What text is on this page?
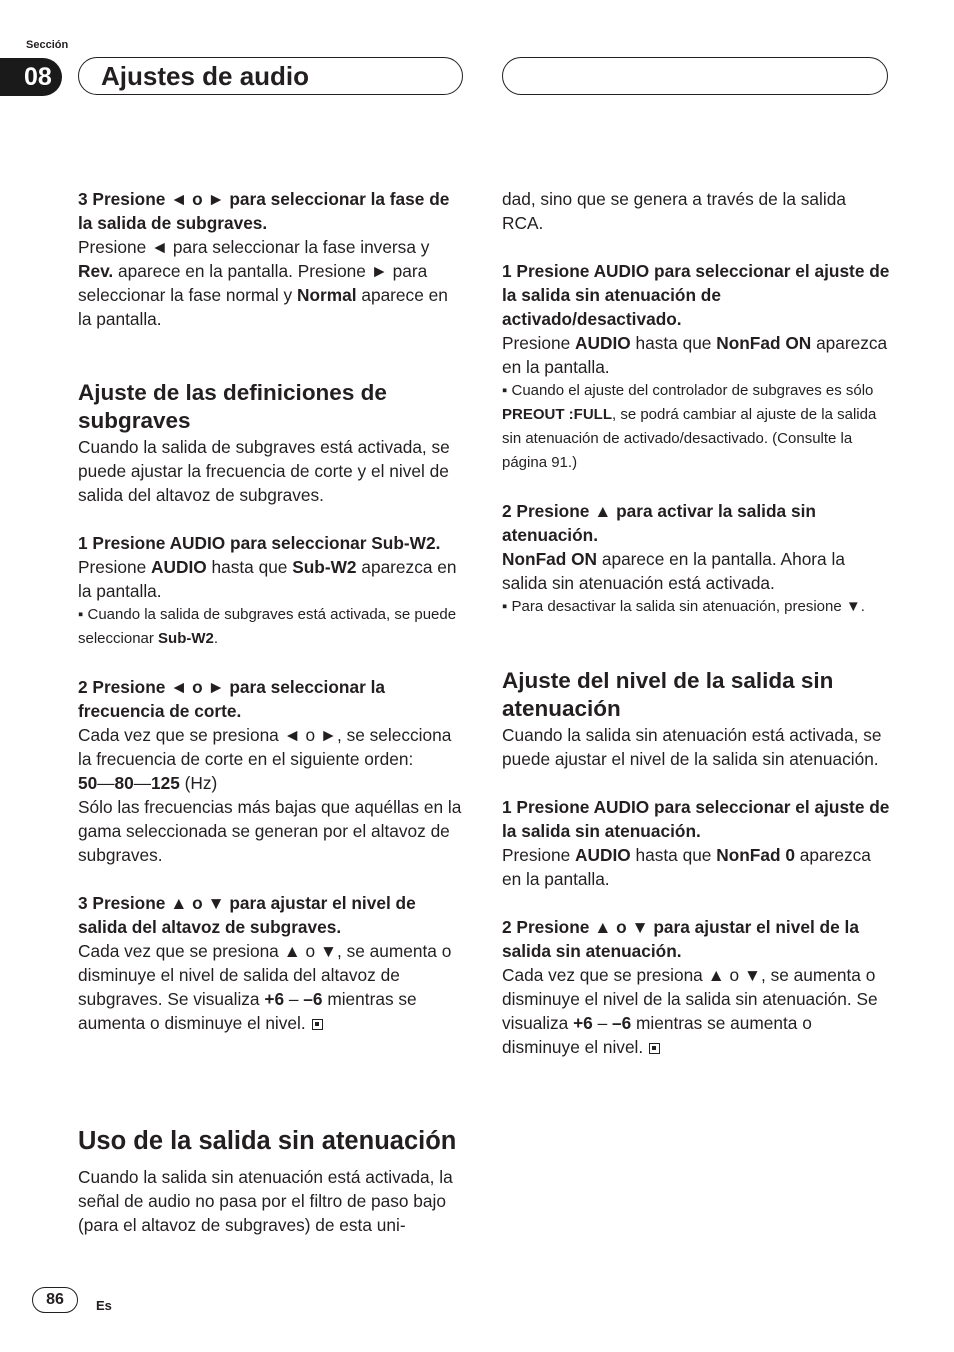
Sección
08	Ajustes de audio

3 Presione ◄ o ► para seleccionar la fase de la salida de subgraves.

Presione ◄ para seleccionar la fase inversa y Rev. aparece en la pantalla. Presione ► para seleccionar la fase normal y Normal aparece en la pantalla.

Ajuste de las definiciones de subgraves

Cuando la salida de subgraves está activada, se puede ajustar la frecuencia de corte y el nivel de salida del altavoz de subgraves.

1 Presione AUDIO para seleccionar Sub-W2.

Presione AUDIO hasta que Sub-W2 aparezca en la pantalla.

▪ Cuando la salida de subgraves está activada, se puede seleccionar Sub-W2.

2 Presione ◄ o ► para seleccionar la frecuencia de corte.

Cada vez que se presiona ◄ o ►, se selecciona la frecuencia de corte en el siguiente orden:

50—80—125 (Hz)

Sólo las frecuencias más bajas que aquéllas en la gama seleccionada se generan por el altavoz de subgraves.

3 Presione ▲ o ▼ para ajustar el nivel de salida del altavoz de subgraves.

Cada vez que se presiona ▲ o ▼, se aumenta o disminuye el nivel de salida del altavoz de subgraves. Se visualiza +6 – –6 mientras se aumenta o disminuye el nivel.

Uso de la salida sin atenuación

Cuando la salida sin atenuación está activada, la señal de audio no pasa por el filtro de paso bajo (para el altavoz de subgraves) de esta uni-

dad, sino que se genera a través de la salida RCA.

1 Presione AUDIO para seleccionar el ajuste de la salida sin atenuación de activado/desactivado.

Presione AUDIO hasta que NonFad ON aparezca en la pantalla.

▪ Cuando el ajuste del controlador de subgraves es sólo PREOUT :FULL, se podrá cambiar al ajuste de la salida sin atenuación de activado/desactivado. (Consulte la página 91.)

2 Presione ▲ para activar la salida sin atenuación.

NonFad ON aparece en la pantalla. Ahora la salida sin atenuación está activada.

▪ Para desactivar la salida sin atenuación, presione ▼.

Ajuste del nivel de la salida sin atenuación

Cuando la salida sin atenuación está activada, se puede ajustar el nivel de la salida sin atenuación.

1 Presione AUDIO para seleccionar el ajuste de la salida sin atenuación.

Presione AUDIO hasta que NonFad 0 aparezca en la pantalla.

2 Presione ▲ o ▼ para ajustar el nivel de la salida sin atenuación.

Cada vez que se presiona ▲ o ▼, se aumenta o disminuye el nivel de la salida sin atenuación. Se visualiza +6 – –6 mientras se aumenta o disminuye el nivel.

86	Es
